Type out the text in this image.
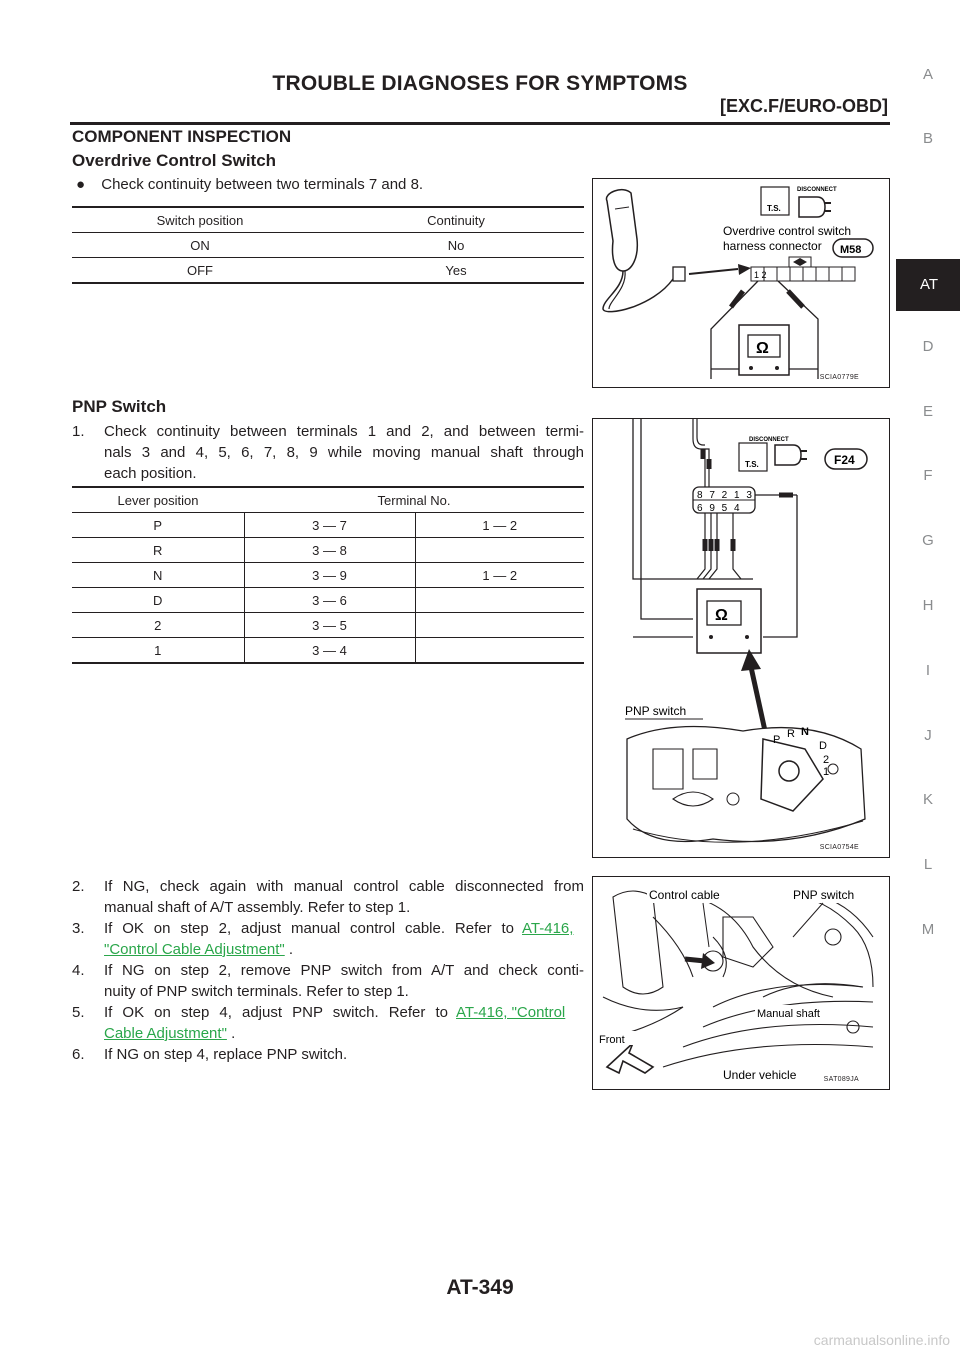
TROUBLE DIAGNOSES FOR SYMPTOMS
[EXC.F/EURO-OBD]
A
B
AT
D
E
F
G
H
I
J
K
L
M
COMPONENT INSPECTION
Overdrive Control Switch
● Check continuity between two terminals 7 and 8.
Switch position	Continuity
ON	No
OFF	Yes
T.S.
DISCONNECT
Overdrive control switch
harness connector M58
1 2
Ω
SCIA0779E
PNP Switch
1.	Check continuity between terminals 1 and 2, and between termi-
nals 3 and 4, 5, 6, 7, 8, 9 while moving manual shaft through
each position.
Lever position	Terminal No.	
P	3 — 7	1 — 2
R	3 — 8	
N	3 — 9	1 — 2
D	3 — 6	
2	3 — 5	
1	3 — 4	
T.S.
DISCONNECT
F24
8 7 2 1 3
6 9 5 4
Ω
PNP switch
P R N
D
2
1
SCIA0754E
2. If NG, check again with manual control cable disconnected from
manual shaft of A/T assembly. Refer to step 1.
3. If OK on step 2, adjust manual control cable. Refer to AT-416,
"Control Cable Adjustment" .
4. If NG on step 2, remove PNP switch from A/T and check conti-
nuity of PNP switch terminals. Refer to step 1.
5. If OK on step 4, adjust PNP switch. Refer to AT-416, "Control
Cable Adjustment" .
6. If NG on step 4, replace PNP switch.
Control cable	PNP switch
Manual shaft
Front
Under vehicle	SAT089JA
AT-349
carmanualsonline.info
